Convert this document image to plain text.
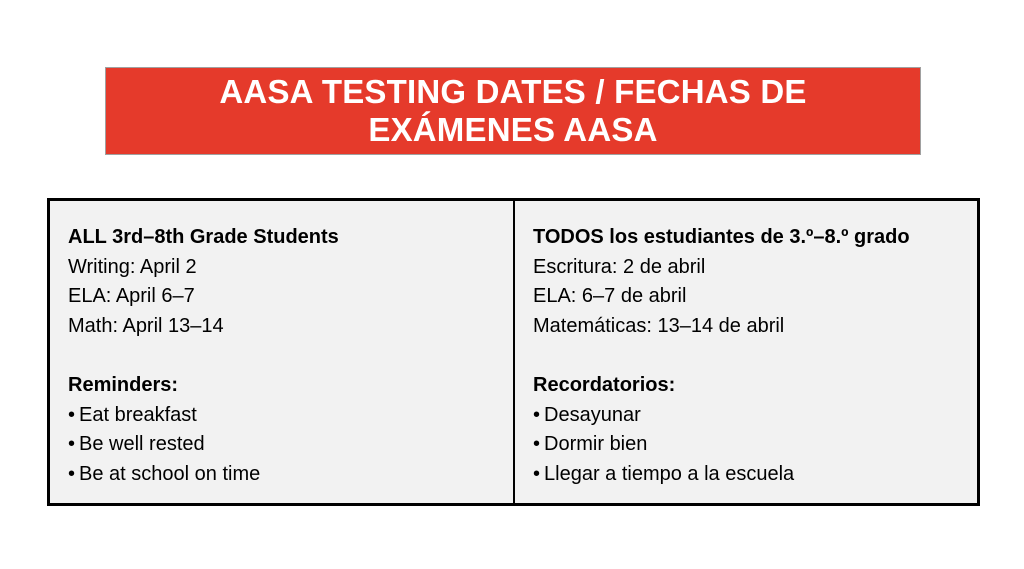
AASA TESTING DATES / FECHAS DE
EXÁMENES AASA
ALL 3rd–8th Grade Students
Writing: April 2
ELA: April 6–7
Math: April 13–14
Reminders:
• Eat breakfast
• Be well rested
• Be at school on time
TODOS los estudiantes de 3.º–8.º grado
Escritura: 2 de abril
ELA: 6–7 de abril
Matemáticas: 13–14 de abril
Recordatorios:
• Desayunar
• Dormir bien
• Llegar a tiempo a la escuela
